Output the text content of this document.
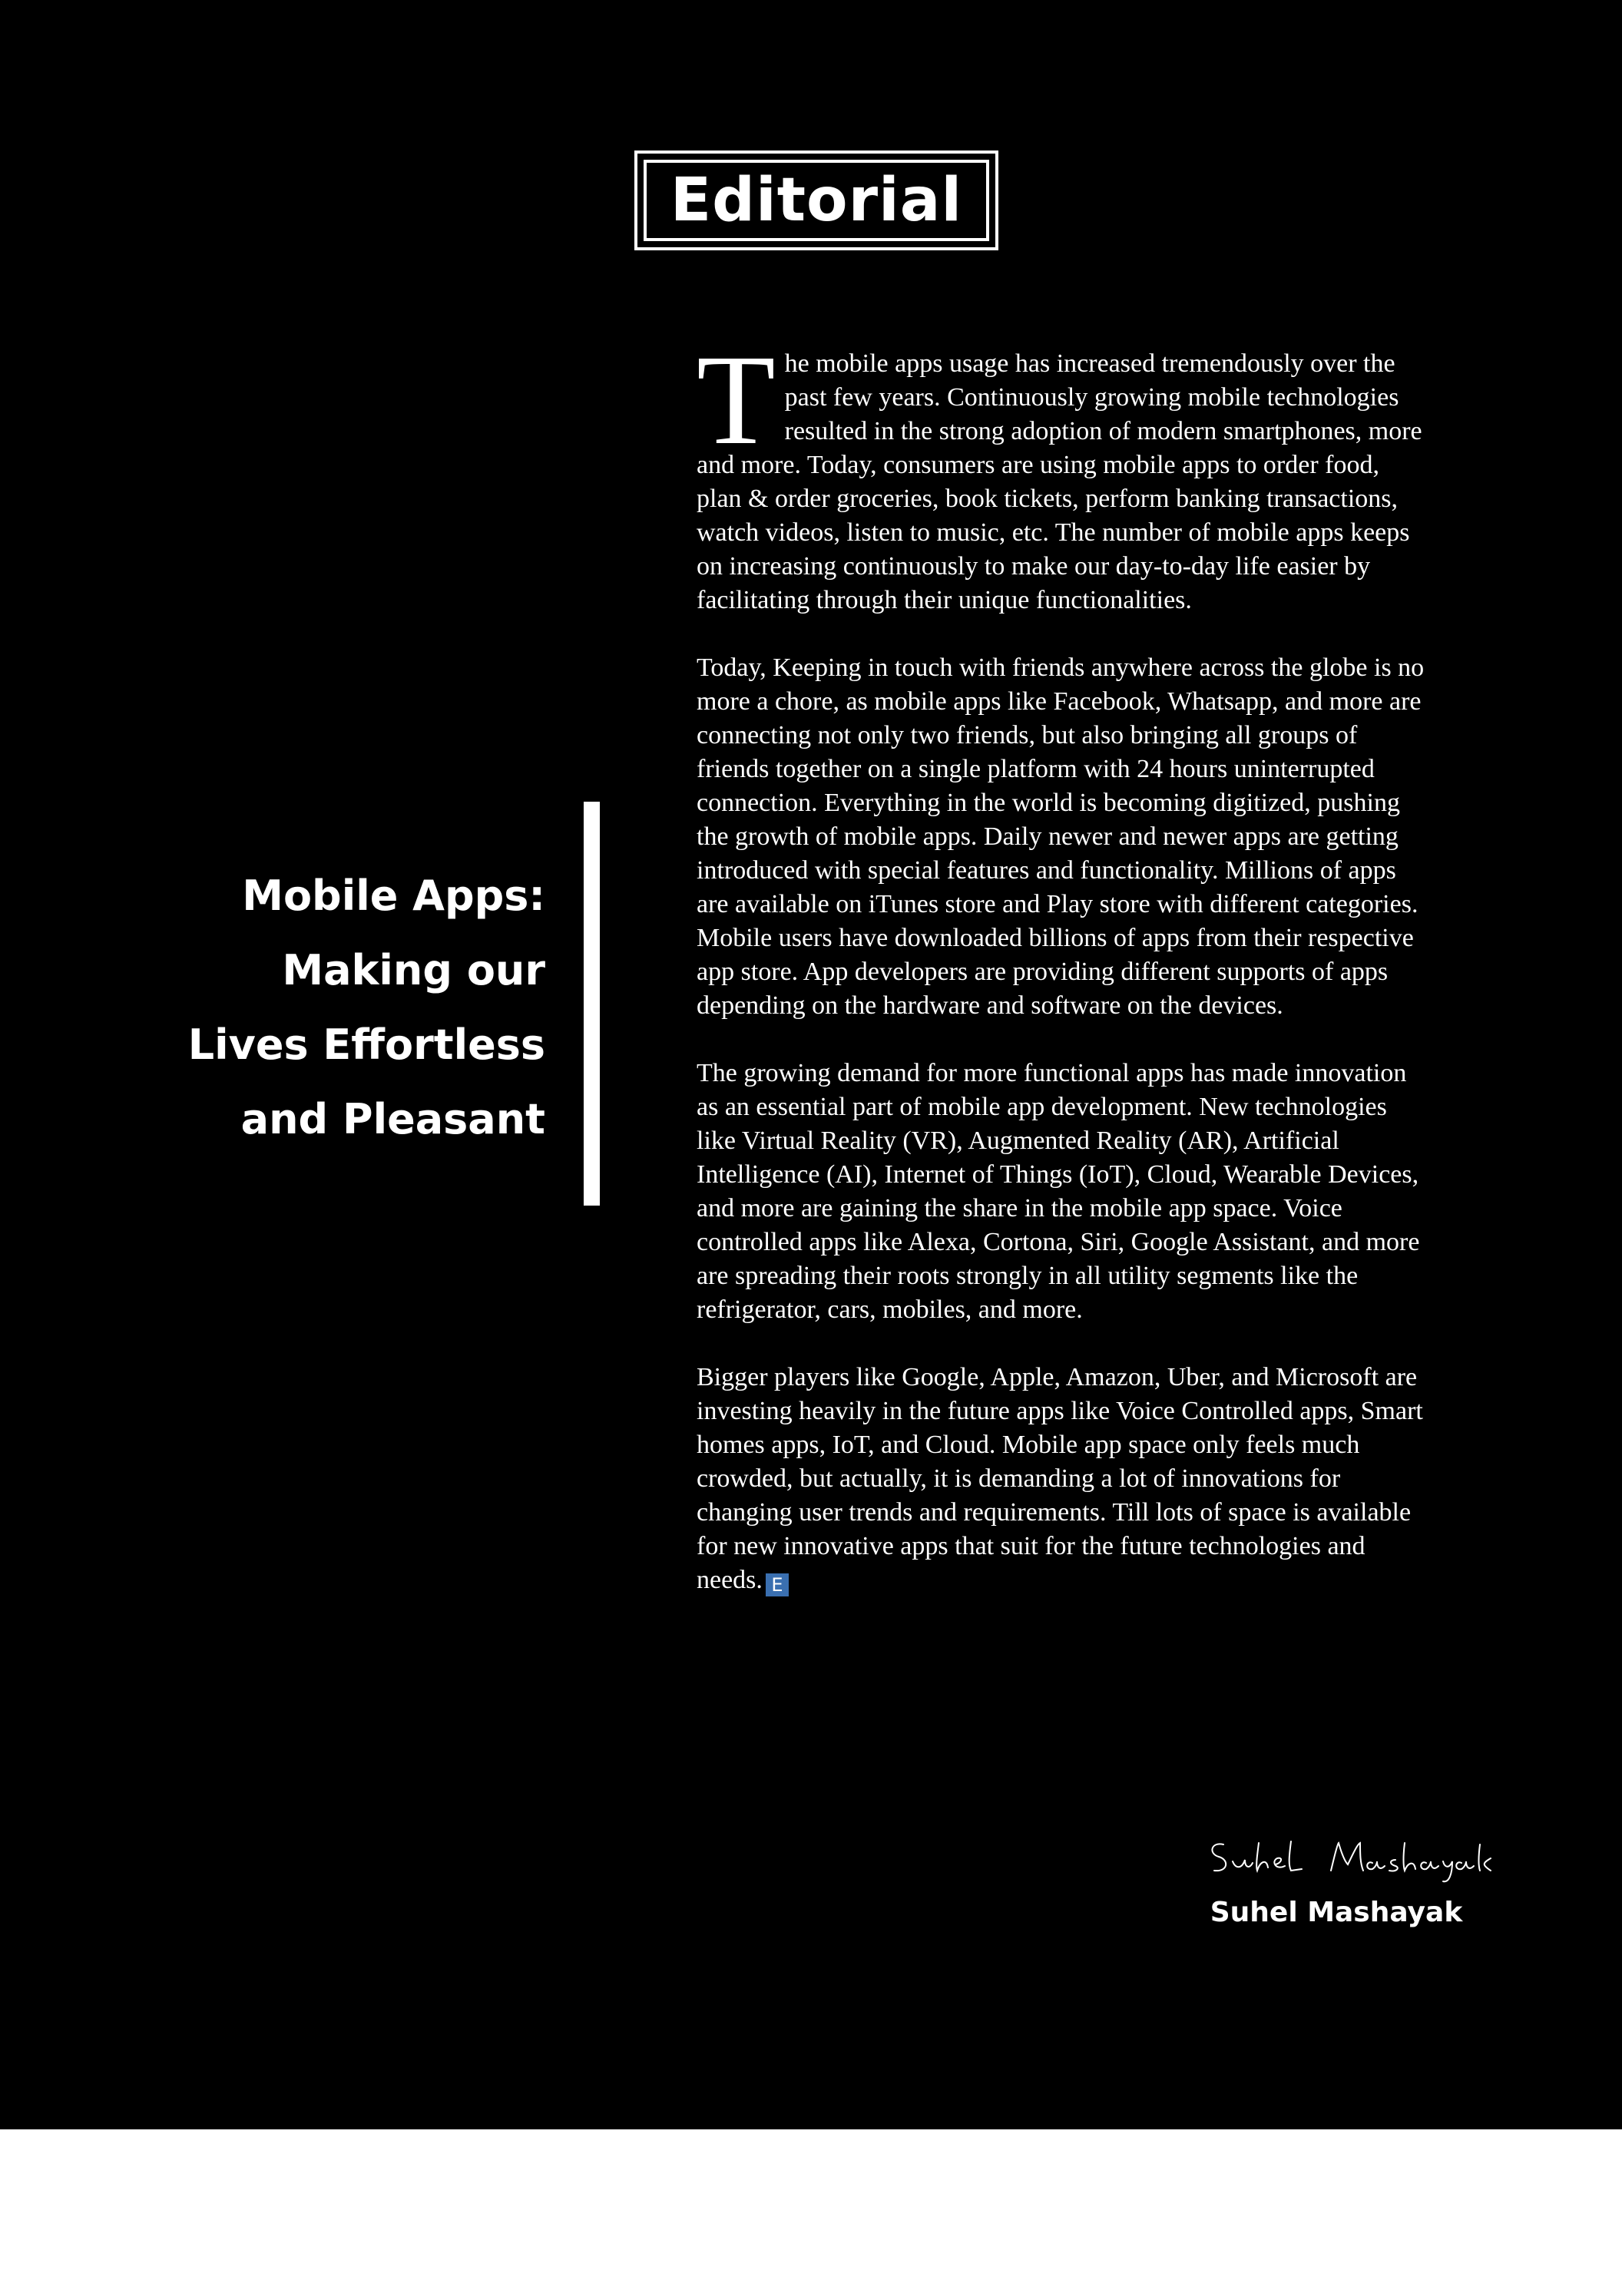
Editorial
Mobile Apps:
Making our
Lives Effortless
and Pleasant

The mobile apps usage has increased tremendously over the past few years. Continuously growing mobile technologies resulted in the strong adoption of modern smartphones, more and more. Today, consumers are using mobile apps to order food, plan & order groceries, book tickets, perform banking transactions, watch videos, listen to music, etc. The number of mobile apps keeps on increasing continuously to make our day-to-day life easier by facilitating through their unique functionalities.

Today, Keeping in touch with friends anywhere across the globe is no more a chore, as mobile apps like Facebook, Whatsapp, and more are connecting not only two friends, but also bringing all groups of friends together on a single platform with 24 hours uninterrupted connection. Everything in the world is becoming digitized, pushing the growth of mobile apps. Daily newer and newer apps are getting introduced with special features and functionality. Millions of apps are available on iTunes store and Play store with different categories. Mobile users have downloaded billions of apps from their respective app store. App developers are providing different supports of apps depending on the hardware and software on the devices.

The growing demand for more functional apps has made innovation as an essential part of mobile app development. New technologies like Virtual Reality (VR), Augmented Reality (AR), Artificial Intelligence (AI), Internet of Things (IoT), Cloud, Wearable Devices, and more are gaining the share in the mobile app space. Voice controlled apps like Alexa, Cortona, Siri, Google Assistant, and more are spreading their roots strongly in all utility segments like the refrigerator, cars, mobiles, and more.

Bigger players like Google, Apple, Amazon, Uber, and Microsoft are investing heavily in the future apps like Voice Controlled apps, Smart homes apps, IoT, and Cloud. Mobile app space only feels much crowded, but actually, it is demanding a lot of innovations for changing user trends and requirements. Till lots of space is available for new innovative apps that suit for the future technologies and needs. E

Suhel Mashayak
